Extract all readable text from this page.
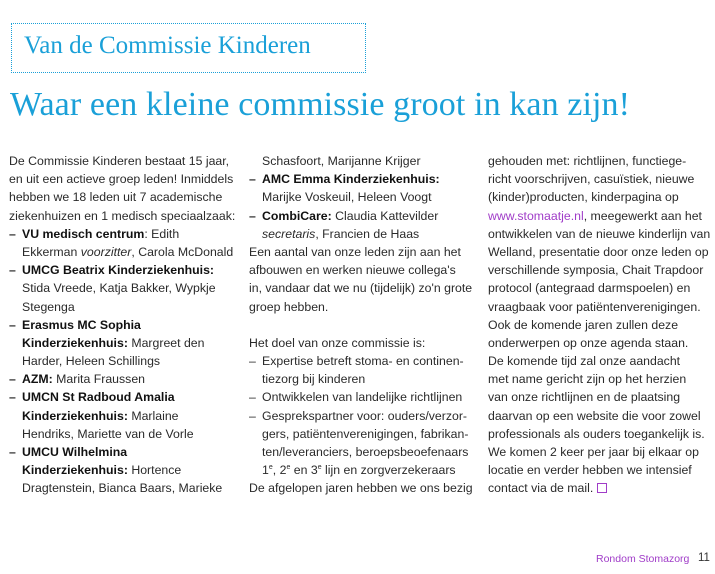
Van de Commissie Kinderen
Waar een kleine commissie groot in kan zijn!
De Commissie Kinderen bestaat 15 jaar,
en uit een actieve groep leden! Inmiddels
hebben we 18 leden uit 7 academische
ziekenhuizen en 1 medisch speciaalzaak:
– VU medisch centrum: Edith
Ekkerman voorzitter, Carola McDonald
– UMCG Beatrix Kinderziekenhuis:
Stida Vreede, Katja Bakker, Wypkje
Stegenga
– Erasmus MC Sophia
Kinderziekenhuis: Margreet den
Harder, Heleen Schillings
– AZM: Marita Fraussen
– UMCN St Radboud Amalia
Kinderziekenhuis: Marlaine
Hendriks, Mariette van de Vorle
– UMCU Wilhelmina
Kinderziekenhuis: Hortence
Dragtenstein, Bianca Baars, Marieke
Schasfoort, Marijanne Krijger
– AMC Emma Kinderziekenhuis:
Marijke Voskeuil, Heleen Voogt
– CombiCare: Claudia Kattevilder
secretaris, Francien de Haas
Een aantal van onze leden zijn aan het
afbouwen en werken nieuwe collega's
in, vandaar dat we nu (tijdelijk) zo'n grote
groep hebben.
Het doel van onze commissie is:
– Expertise betreft stoma- en continen-
tiezorg bij kinderen
– Ontwikkelen van landelijke richtlijnen
– Gesprekspartner voor: ouders/verzor-
gers, patiëntenverenigingen, fabrikan-
ten/leveranciers, beroepsbeoefenaars
1e, 2e en 3e lijn en zorgverzekeraars
De afgelopen jaren hebben we ons bezig
gehouden met: richtlijnen, functiege-
richt voorschrijven, casuïstiek, nieuwe
(kinder)producten, kinderpagina op
www.stomaatje.nl, meegewerkt aan het
ontwikkelen van de nieuwe kinderlijn van
Welland, presentatie door onze leden op
verschillende symposia, Chait Trapdoor
protocol (antegraad darmspoelen) en
vraagbaak voor patiëntenverenigingen.
Ook de komende jaren zullen deze
onderwerpen op onze agenda staan.
De komende tijd zal onze aandacht
met name gericht zijn op het herzien
van onze richtlijnen en de plaatsing
daarvan op een website die voor zowel
professionals als ouders toegankelijk is.
We komen 2 keer per jaar bij elkaar op
locatie en verder hebben we intensief
contact via de mail.
Rondom Stomazorg 11
